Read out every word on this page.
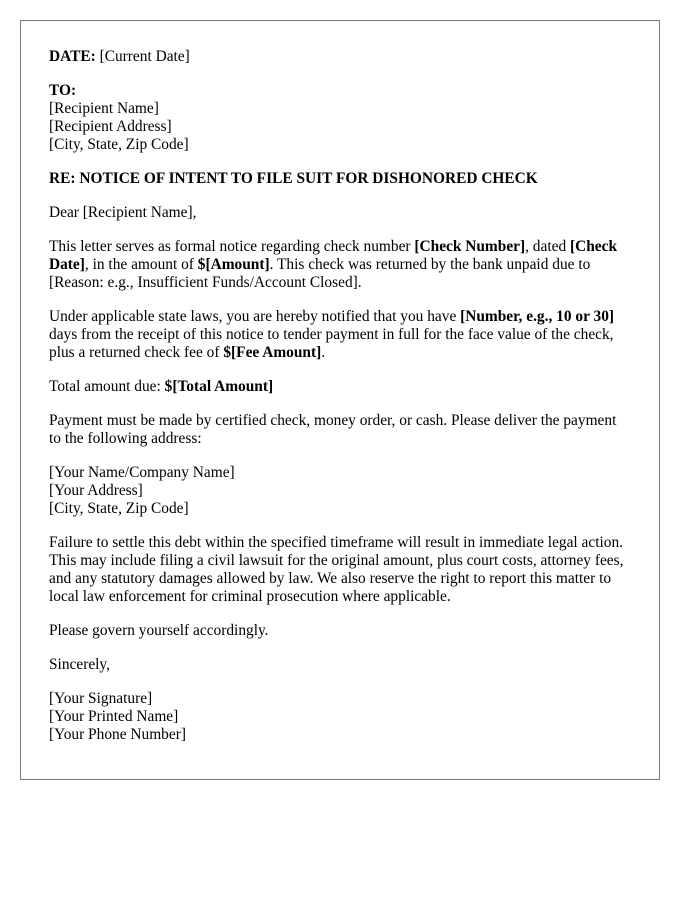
DATE: [Current Date]

TO:
[Recipient Name]
[Recipient Address]
[City, State, Zip Code]

RE: NOTICE OF INTENT TO FILE SUIT FOR DISHONORED CHECK

Dear [Recipient Name],

This letter serves as formal notice regarding check number [Check Number], dated [Check Date], in the amount of $[Amount]. This check was returned by the bank unpaid due to [Reason: e.g., Insufficient Funds/Account Closed].

Under applicable state laws, you are hereby notified that you have [Number, e.g., 10 or 30] days from the receipt of this notice to tender payment in full for the face value of the check, plus a returned check fee of $[Fee Amount].

Total amount due: $[Total Amount]

Payment must be made by certified check, money order, or cash. Please deliver the payment to the following address:

[Your Name/Company Name]
[Your Address]
[City, State, Zip Code]

Failure to settle this debt within the specified timeframe will result in immediate legal action. This may include filing a civil lawsuit for the original amount, plus court costs, attorney fees, and any statutory damages allowed by law. We also reserve the right to report this matter to local law enforcement for criminal prosecution where applicable.

Please govern yourself accordingly.

Sincerely,

[Your Signature]
[Your Printed Name]
[Your Phone Number]
